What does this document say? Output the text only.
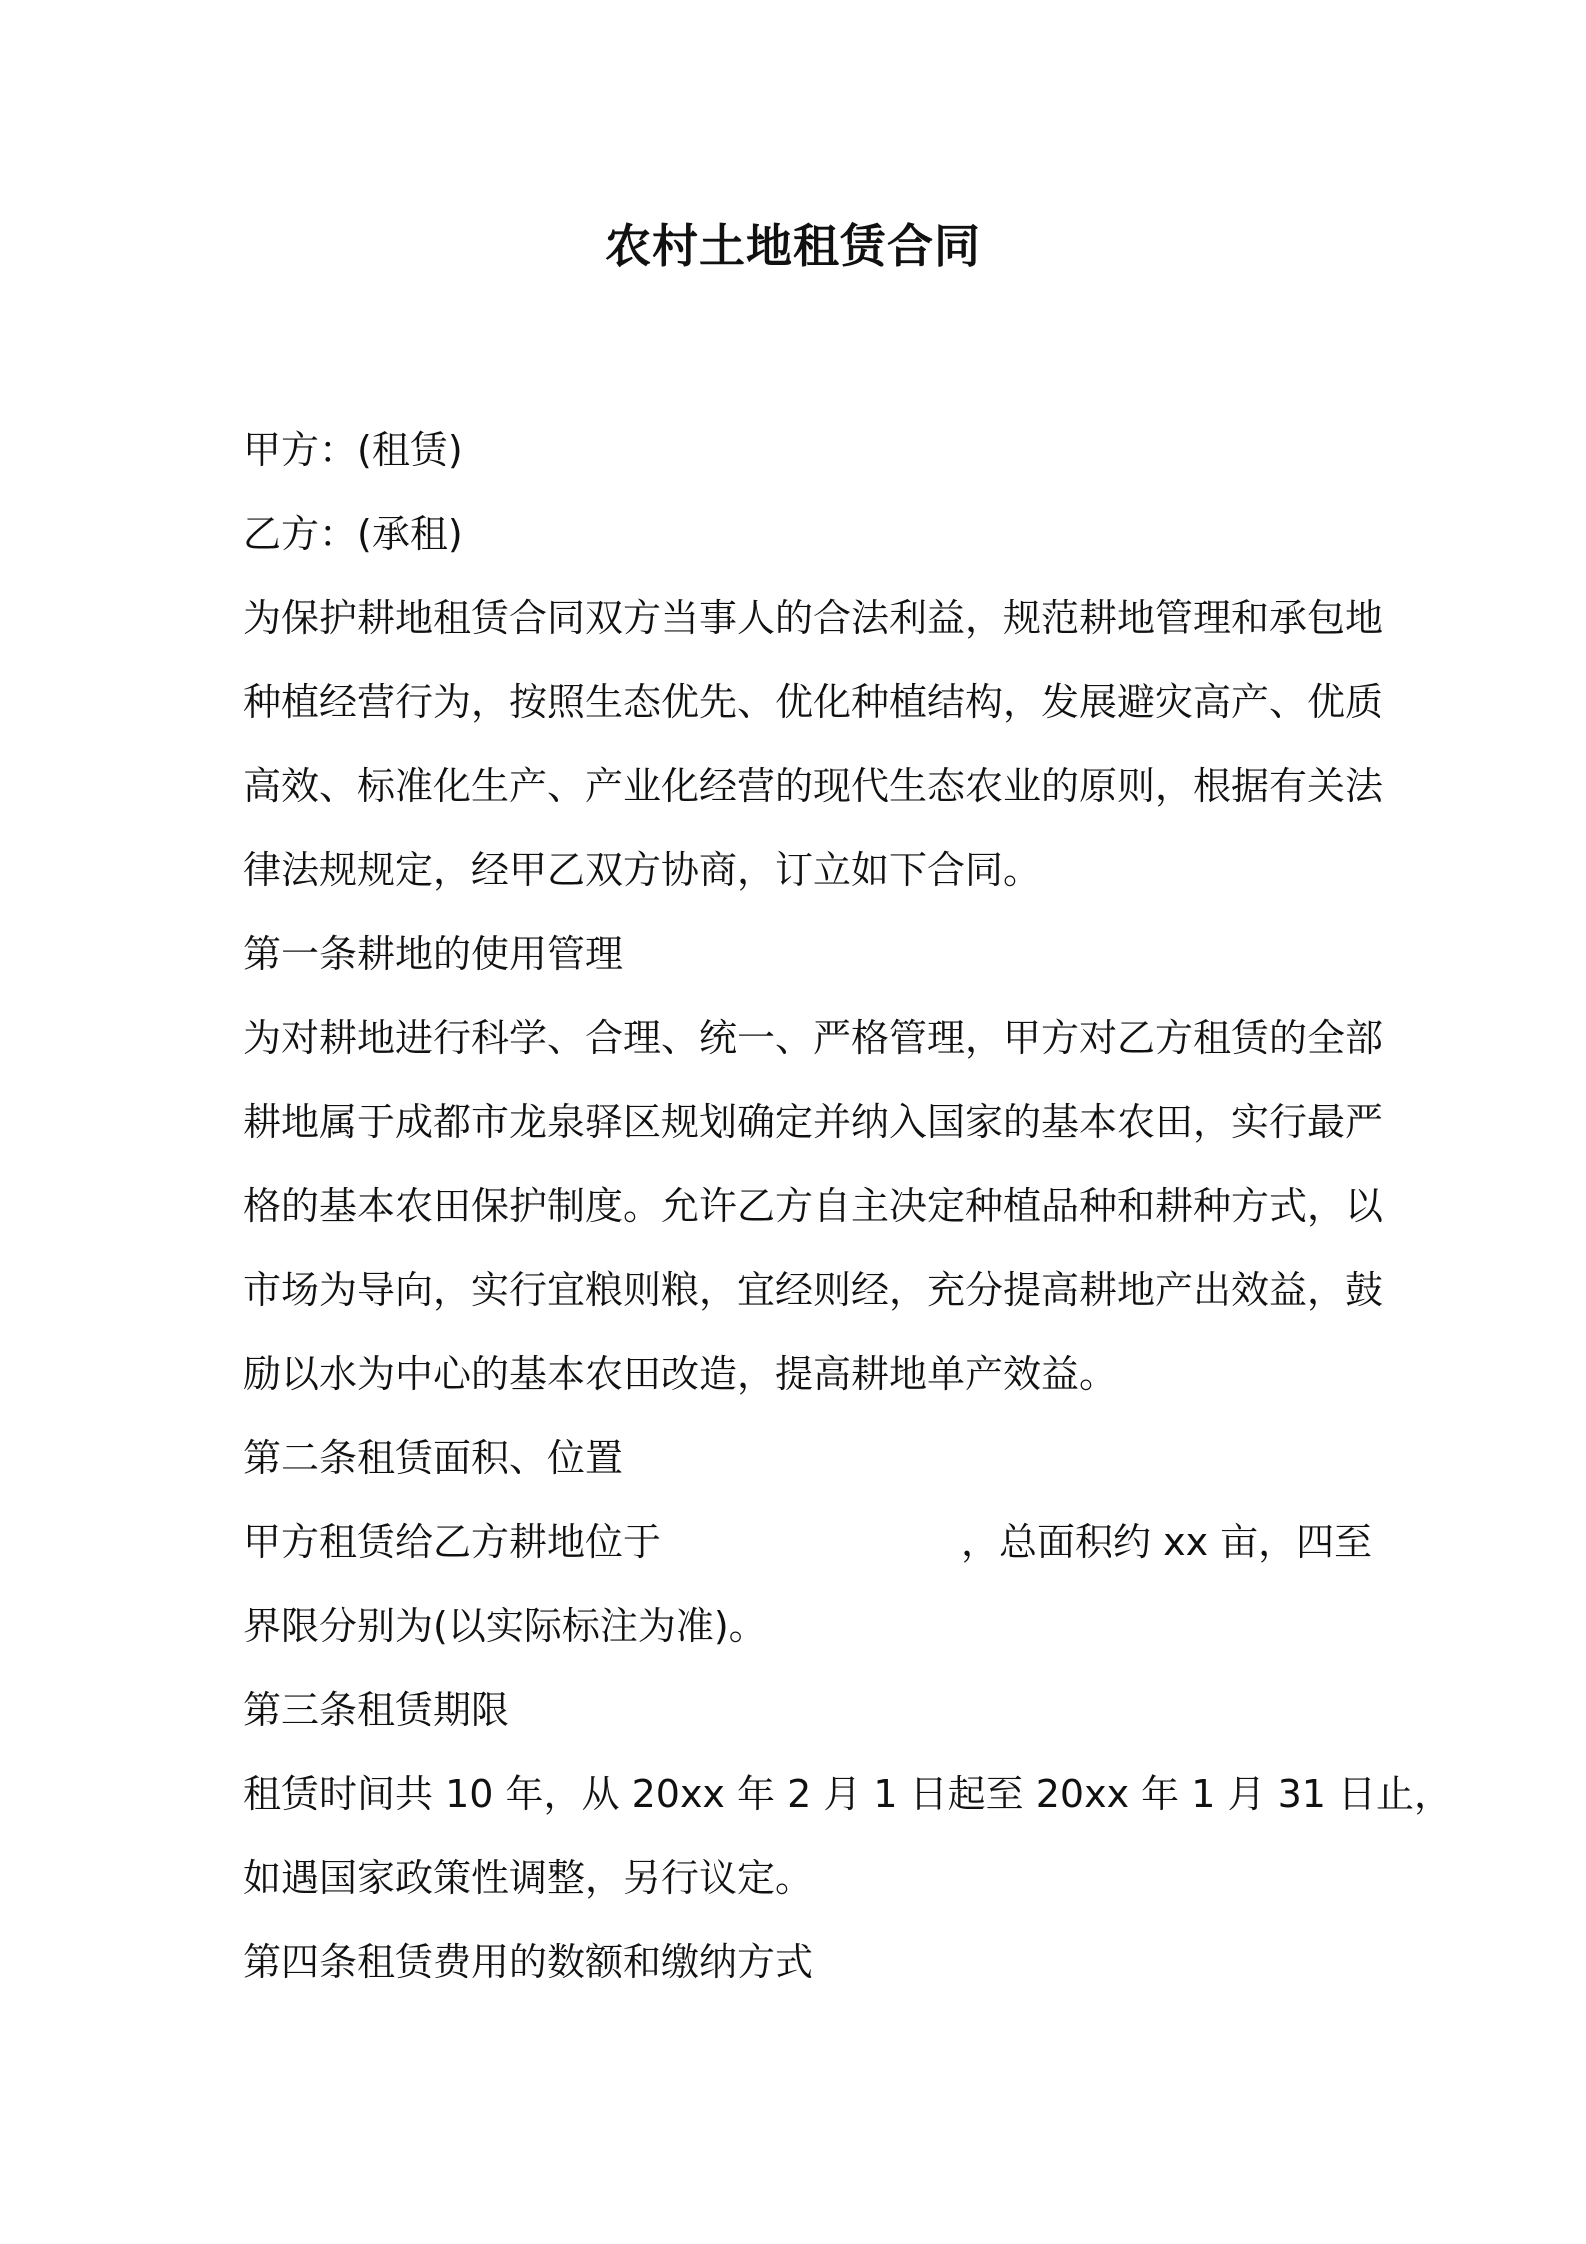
农村土地租赁合同

甲方：(租赁)

乙方：(承租)

为保护耕地租赁合同双方当事人的合法利益，规范耕地管理和承包地

种植经营行为，按照生态优先、优化种植结构，发展避灾高产、优质

高效、标准化生产、产业化经营的现代生态农业的原则，根据有关法

律法规规定，经甲乙双方协商，订立如下合同。

第一条耕地的使用管理

为对耕地进行科学、合理、统一、严格管理，甲方对乙方租赁的全部

耕地属于成都市龙泉驿区规划确定并纳入国家的基本农田，实行最严

格的基本农田保护制度。允许乙方自主决定种植品种和耕种方式，以

市场为导向，实行宜粮则粮，宜经则经，充分提高耕地产出效益，鼓

励以水为中心的基本农田改造，提高耕地单产效益。

第二条租赁面积、位置

甲方租赁给乙方耕地位于	，总面积约 xx 亩，四至

界限分别为(以实际标注为准)。

第三条租赁期限

租赁时间共 10 年，从 20xx 年 2 月 1 日起至 20xx 年 1 月 31 日止，

如遇国家政策性调整，另行议定。

第四条租赁费用的数额和缴纳方式
